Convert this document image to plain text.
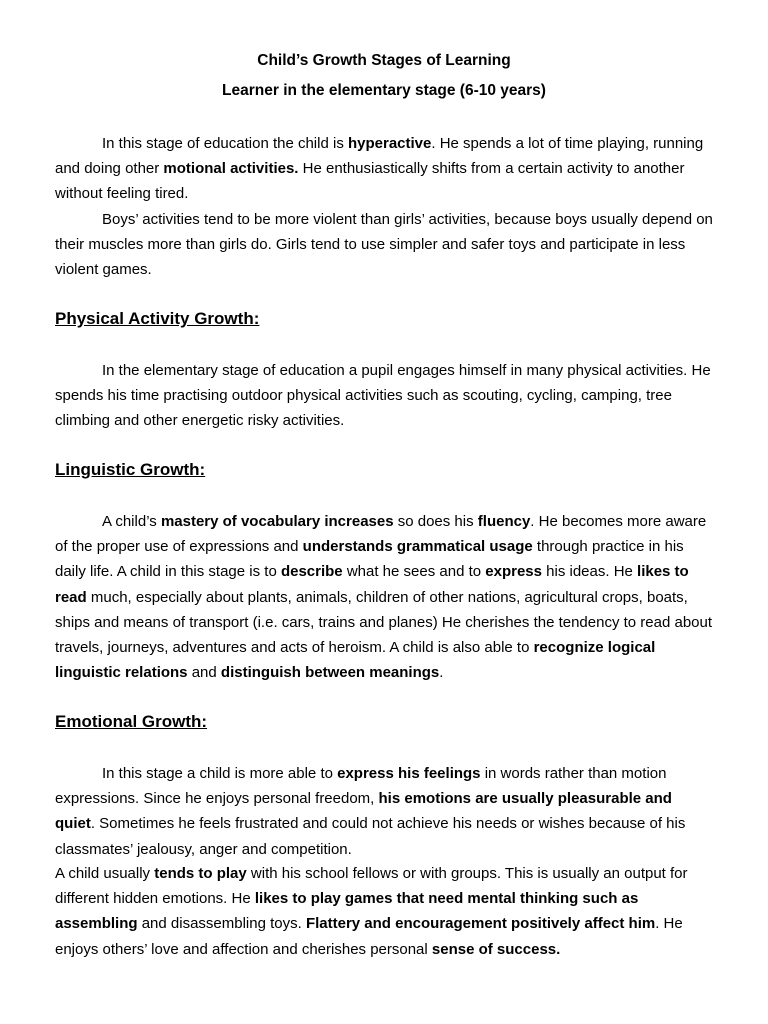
Child’s Growth Stages of Learning
Learner in the elementary stage (6-10 years)

In this stage of education the child is hyperactive. He spends a lot of time playing, running and doing other motional activities. He enthusiastically shifts from a certain activity to another without feeling tired.

Boys’ activities tend to be more violent than girls’ activities, because boys usually depend on their muscles more than girls do. Girls tend to use simpler and safer toys and participate in less violent games.

Physical Activity Growth:

In the elementary stage of education a pupil engages himself in many physical activities. He spends his time practising outdoor physical activities such as scouting, cycling, camping, tree climbing and other energetic risky activities.

Linguistic Growth:

A child’s mastery of vocabulary increases so does his fluency. He becomes more aware of the proper use of expressions and understands grammatical usage through practice in his daily life. A child in this stage is to describe what he sees and to express his ideas. He likes to read much, especially about plants, animals, children of other nations, agricultural crops, boats, ships and means of transport (i.e. cars, trains and planes) He cherishes the tendency to read about travels, journeys, adventures and acts of heroism. A child is also able to recognize logical linguistic relations and distinguish between meanings.

Emotional Growth:

In this stage a child is more able to express his feelings in words rather than motion expressions. Since he enjoys personal freedom, his emotions are usually pleasurable and quiet. Sometimes he feels frustrated and could not achieve his needs or wishes because of his classmates’ jealousy, anger and competition.

A child usually tends to play with his school fellows or with groups. This is usually an output for different hidden emotions. He likes to play games that need mental thinking such as assembling and disassembling toys. Flattery and encouragement positively affect him. He enjoys others’ love and affection and cherishes personal sense of success.
